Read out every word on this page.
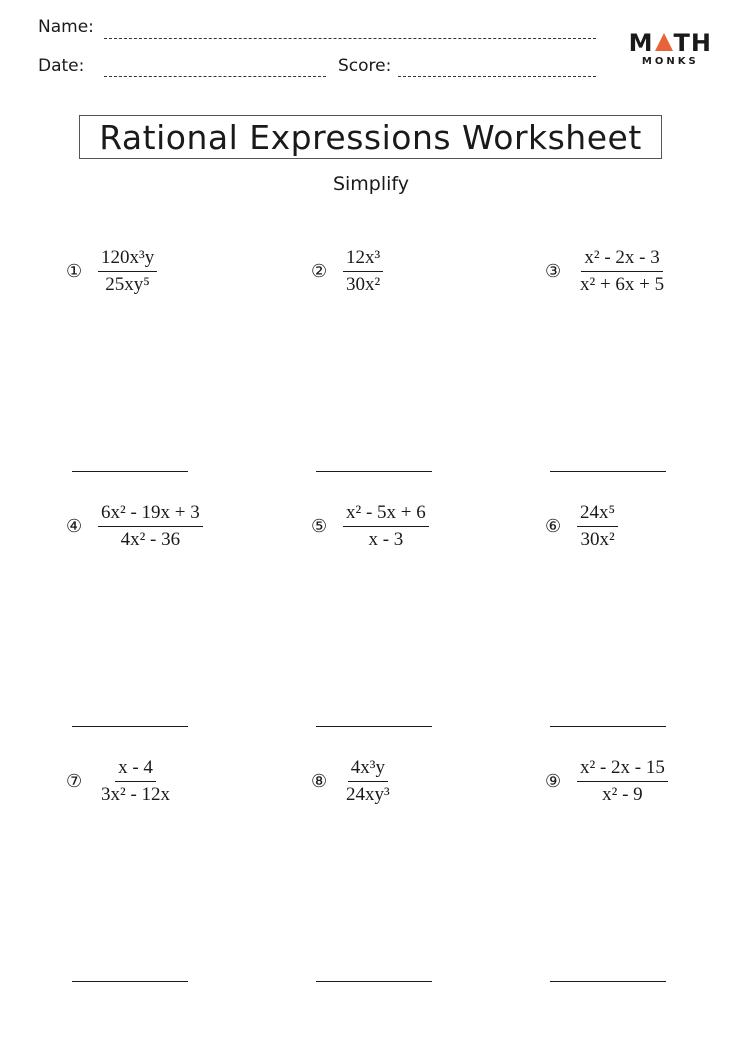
Name:
Date:	Score:
M TH
MONKS
Rational Expressions Worksheet
Simplify
① $\frac{\text{120x³y}}{\text{25xy⁵}}$	② $\frac{\text{12x³}}{\text{30x²}}$	③ $\frac{\text{x² - 2x - 3}}{\text{x² + 6x + 5}}$
④ $\frac{\text{6x² - 19x + 3}}{\text{4x² - 36}}$	⑤ $\frac{\text{x² - 5x + 6}}{x - 3}$	⑥ $\frac{\text{24x⁵}}{\text{30x²}}$
⑦ $\frac{x - 4}{\text{3x² - 12x}}$	⑧ $\frac{\text{4x³y}}{\text{24xy³}}$	⑨ $\frac{\text{x² - 2x - 15}}{\text{x² - 9}}$
